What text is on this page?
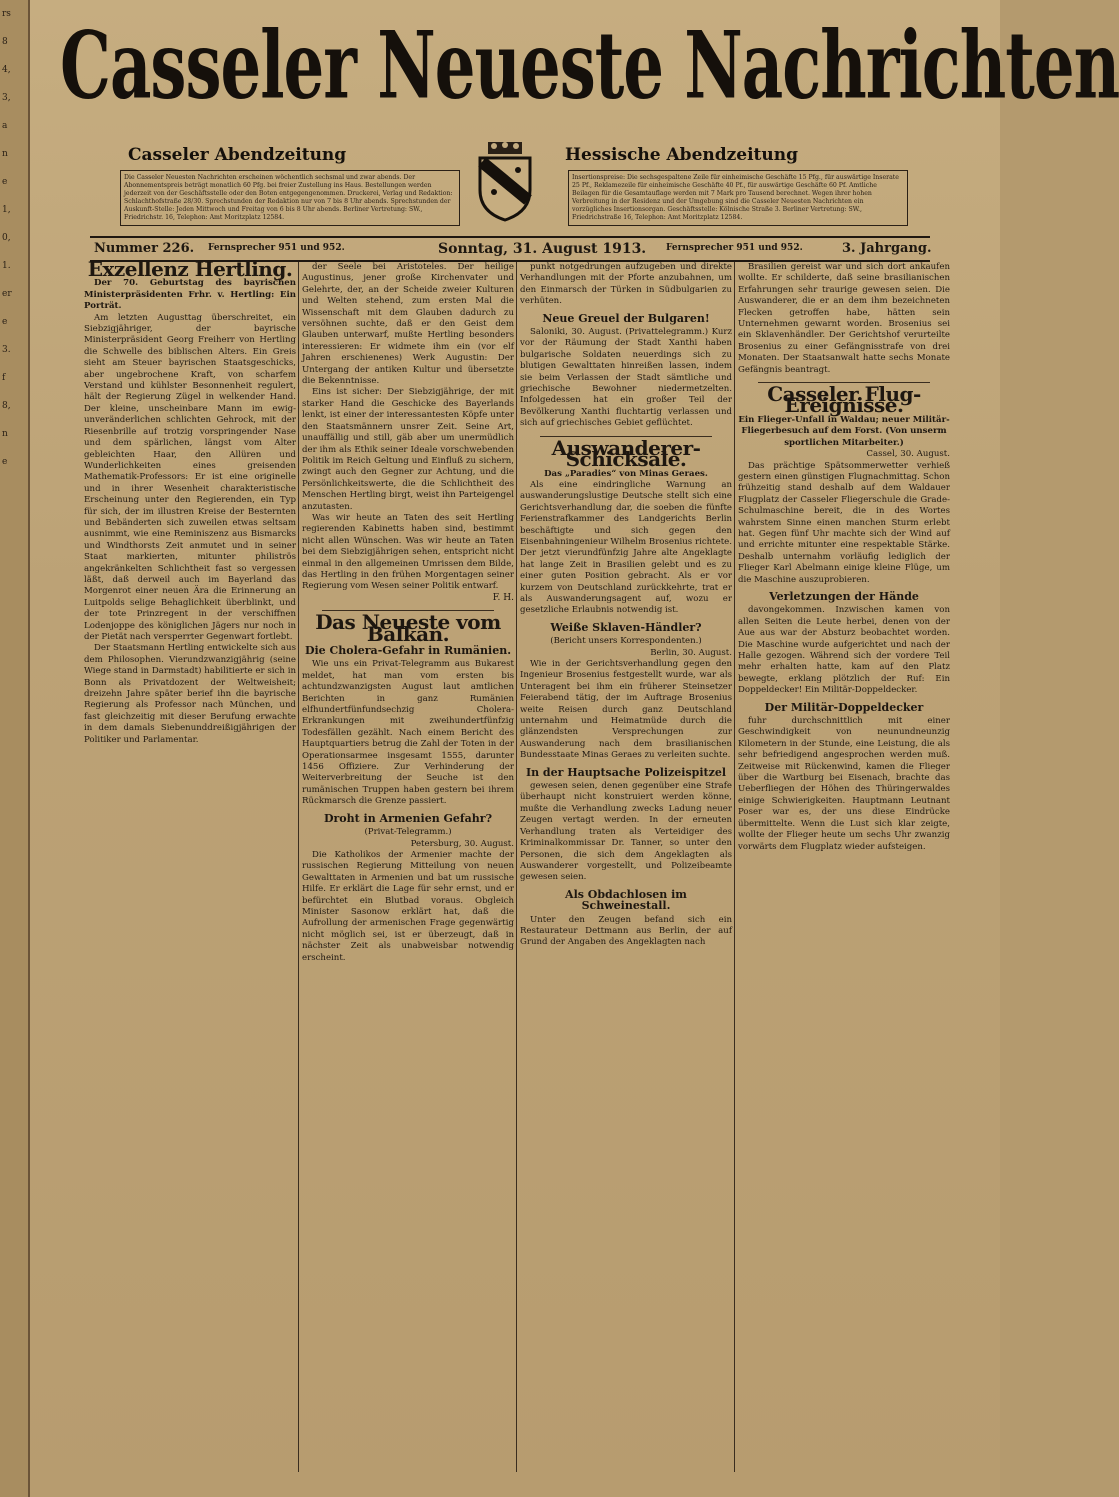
rs
8
4,
3,
a
n
e
1,
0,
1.
er
e
3.
f
8,
n
e
Casseler Neueste Nachrichten
Casseler Abendzeitung	Hessische Abendzeitung
Die Casseler Neuesten Nachrichten erscheinen wöchentlich sechsmal und zwar abends. Der Abonnementspreis beträgt monatlich 60 Pfg. bei freier Zustellung ins Haus. Bestellungen werden jederzeit von der Geschäftsstelle oder den Boten entgegengenommen. Druckerei, Verlag und Redaktion: Schlachthofstraße 28/30. Sprechstunden der Redaktion nur von 7 bis 8 Uhr abends. Sprechstunden der Auskunft-Stelle: Jeden Mittwoch und Freitag von 6 bis 8 Uhr abends. Berliner Vertretung: SW., Friedrichstr. 16, Telephon: Amt Moritzplatz 12584.
Insertionspreise: Die sechsgespaltene Zeile für einheimische Geschäfte 15 Pfg., für auswärtige Inserate 25 Pf., Reklamezeile für einheimische Geschäfte 40 Pf., für auswärtige Geschäfte 60 Pf. Amtliche Beilagen für die Gesamtauflage werden mit 7 Mark pro Tausend berechnet. Wegen ihrer hohen Verbreitung in der Residenz und der Umgebung sind die Casseler Neuesten Nachrichten ein vorzügliches Insertionsorgan. Geschäftsstelle: Kölnische Straße 3. Berliner Vertretung: SW., Friedrichstraße 16, Telephon: Amt Moritzplatz 12584.
Nummer 226. Fernsprecher 951 und 952.	Sonntag, 31. August 1913. Fernsprecher 951 und 952.	3. Jahrgang.
Exzellenz Hertling.

Der 70. Geburtstag des bayrischen Ministerpräsidenten Frhr. v. Hertling: Ein Porträt.

Am letzten Augusttag überschreitet, ein Siebzigjähriger, der bayrische Ministerpräsident Georg Freiherr von Hertling die Schwelle des biblischen Alters. Ein Greis sieht am Steuer bayrischen Staatsgeschicks, aber ungebrochene Kraft, von scharfem Verstand und kühlster Besonnenheit regulert, hält der Regierung Zügel in welkender Hand. Der kleine, unscheinbare Mann im ewig-unveränderlichen schlichten Gehrock, mit der Riesenbrille auf trotzig vorspringender Nase und dem spärlichen, längst vom Alter gebleichten Haar, den Allüren und Wunderlichkeiten eines greisenden Mathematik-Professors: Er ist eine originelle und in ihrer Wesenheit charakteristische Erscheinung unter den Regierenden, ein Typ für sich, der im illustren Kreise der Besternten und Bebänderten sich zuweilen etwas seltsam ausnimmt, wie eine Reminiszenz aus Bismarcks und Windthorsts Zeit anmutet und in seiner Staat markierten, mitunter philiströs angekränkelten Schlichtheit fast so vergessen läßt, daß derweil auch im Bayerland das Morgenrot einer neuen Ära die Erinnerung an Luitpolds selige Behaglichkeit überblinkt, und der tote Prinzregent in der verschiffnen Lodenjoppe des königlichen Jägers nur noch in der Pietät nach versperrter Gegenwart fortlebt.

Der Staatsmann Hertling entwickelte sich aus dem Philosophen. Vierundzwanzigjährig (seine Wiege stand in Darmstadt) habilitierte er sich in Bonn als Privatdozent der Weltweisheit; dreizehn Jahre später berief ihn die bayrische Regierung als Professor nach München, und fast gleichzeitig mit dieser Berufung erwachte in dem damals Siebenunddreißigjährigen der Politiker und Parlamentar.

der Seele bei Aristoteles. Der heilige Augustinus, jener große Kirchenvater und Gelehrte, der, an der Scheide zweier Kulturen und Welten stehend, zum ersten Mal die Wissenschaft mit dem Glauben dadurch zu versöhnen suchte, daß er den Geist dem Glauben unterwarf, mußte Hertling besonders interessieren: Er widmete ihm ein (vor elf Jahren erschienenes) Werk Augustin: Der Untergang der antiken Kultur und übersetzte die Bekenntnisse.

Eins ist sicher: Der Siebzigjährige, der mit starker Hand die Geschicke des Bayerlands lenkt, ist einer der interessantesten Köpfe unter den Staatsmännern unsrer Zeit. Seine Art, unauffällig und still, gäb aber um unermüdlich der ihm als Ethik seiner Ideale vorschwebenden Politik im Reich Geltung und Einfluß zu sichern, zwingt auch den Gegner zur Achtung, und die Persönlichkeitswerte, die die Schlichtheit des Menschen Hertling birgt, weist ihn Parteigengel anzutasten.

Was wir heute an Taten des seit Hertling regierenden Kabinetts haben sind, bestimmt nicht allen Wünschen. Was wir heute an Taten bei dem Siebzigjährigen sehen, entspricht nicht einmal in den allgemeinen Umrissen dem Bilde, das Hertling in den frühen Morgentagen seiner Regierung vom Wesen seiner Politik entwarf.

F. H.
Das Neueste vom Balkan.
Die Cholera-Gefahr in Rumänien.

Wie uns ein Privat-Telegramm aus Bukarest meldet, hat man vom ersten bis achtundzwanzigsten August laut amtlichen Berichten in ganz Rumänien elfhundertfünfundsechzig Cholera-Erkrankungen mit zweihundertfünfzig Todesfällen gezählt. Nach einem Bericht des Hauptquartiers betrug die Zahl der Toten in der Operationsarmee insgesamt 1555, darunter 1456 Offiziere. Zur Verhinderung der Weiterverbreitung der Seuche ist den rumänischen Truppen haben gestern bei ihrem Rückmarsch die Grenze passiert.

Droht in Armenien Gefahr?
(Privat-Telegramm.)
Petersburg, 30. August.

Die Katholikos der Armenier machte der russischen Regierung Mitteilung von neuen Gewalttaten in Armenien und bat um russische Hilfe. Er erklärt die Lage für sehr ernst, und er befürchtet ein Blutbad voraus. Obgleich Minister Sasonow erklärt hat, daß die Aufrollung der armenischen Frage gegenwärtig nicht möglich sei, ist er überzeugt, daß in nächster Zeit als unabweisbar notwendig erscheint.

punkt notgedrungen aufzugeben und direkte Verhandlungen mit der Pforte anzubahnen, um den Einmarsch der Türken in Südbulgarien zu verhüten.

Neue Greuel der Bulgaren!

Saloniki, 30. August. (Privattelegramm.) Kurz vor der Räumung der Stadt Xanthi haben bulgarische Soldaten neuerdings sich zu blutigen Gewalttaten hinreißen lassen, indem sie beim Verlassen der Stadt sämtliche und griechische Bewohner niedermetzelten. Infolgedessen hat ein großer Teil der Bevölkerung Xanthi fluchtartig verlassen und sich auf griechisches Gebiet geflüchtet.

Auswanderer-Schicksale.
Das „Paradies“ von Minas Geraes.

Als eine eindringliche Warnung an auswanderungslustige Deutsche stellt sich eine Gerichtsverhandlung dar, die soeben die fünfte Ferienstrafkammer des Landgerichts Berlin beschäftigte und sich gegen den Eisenbahningenieur Wilhelm Brosenius richtete. Der jetzt vierundfünfzig Jahre alte Angeklagte hat lange Zeit in Brasilien gelebt und es zu einer guten Position gebracht. Als er vor kurzem von Deutschland zurückkehrte, trat er als Auswanderungsagent auf, wozu er gesetzliche Erlaubnis notwendig ist.

Weiße Sklaven-Händler?
(Bericht unsers Korrespondenten.)
Berlin, 30. August.

Wie in der Gerichtsverhandlung gegen den Ingenieur Brosenius festgestellt wurde, war als Unteragent bei ihm ein früherer Steinsetzer Feierabend tätig, der im Auftrage Brosenius weite Reisen durch ganz Deutschland unternahm und Heimatmüde durch die glänzendsten Versprechungen zur Auswanderung nach dem brasilianischen Bundesstaate Minas Geraes zu verleiten suchte.

In der Hauptsache Polizeispitzel

gewesen seien, denen gegenüber eine Strafe überhaupt nicht konstruiert werden könne, mußte die Verhandlung zwecks Ladung neuer Zeugen vertagt werden. In der erneuten Verhandlung traten als Verteidiger des Kriminalkommissar Dr. Tanner, so unter den Personen, die sich dem Angeklagten als Auswanderer vorgestellt, und Polizeibeamte gewesen seien.

Als Obdachlosen im Schweinestall.

Unter den Zeugen befand sich ein Restaurateur Dettmann aus Berlin, der auf Grund der Angaben des Angeklagten nach

Brasilien gereist war und sich dort ankaufen wollte. Er schilderte, daß seine brasilianischen Erfahrungen sehr traurige gewesen seien. Die Auswanderer, die er an dem ihm bezeichneten Flecken getroffen habe, hätten sein Unternehmen gewarnt worden. Brosenius sei ein Sklavenhändler. Der Gerichtshof verurteilte Brosenius zu einer Gefängnisstrafe von drei Monaten. Der Staatsanwalt hatte sechs Monate Gefängnis beantragt.

Casseler Flug-Ereignisse.
Ein Flieger-Unfall in Waldau; neuer Militär-Fliegerbesuch auf dem Forst. (Von unserm sportlichen Mitarbeiter.)
Cassel, 30. August.

Das prächtige Spätsommerwetter verhieß gestern einen günstigen Flugnachmittag. Schon frühzeitig stand deshalb auf dem Waldauer Flugplatz der Casseler Fliegerschule die Grade-Schulmaschine bereit, die in des Wortes wahrstem Sinne einen manchen Sturm erlebt hat. Gegen fünf Uhr machte sich der Wind auf und errichte mitunter eine respektable Stärke. Deshalb unternahm vorläufig lediglich der Flieger Karl Abelmann einige kleine Flüge, um die Maschine auszuprobieren.

Verletzungen der Hände

davongekommen. Inzwischen kamen von allen Seiten die Leute herbei, denen von der Aue aus war der Absturz beobachtet worden. Die Maschine wurde aufgerichtet und nach der Halle gezogen. Während sich der vordere Teil mehr erhalten hatte, kam auf den Platz bewegte, erklang plötzlich der Ruf: Ein Doppeldecker! Ein Militär-Doppeldecker.

Der Militär-Doppeldecker

fuhr durchschnittlich mit einer Geschwindigkeit von neunundneunzig Kilometern in der Stunde, eine Leistung, die als sehr befriedigend angesprochen werden muß. Zeitweise mit Rückenwind, kamen die Flieger über die Wartburg bei Eisenach, brachte das Ueberfliegen der Höhen des Thüringerwaldes einige Schwierigkeiten. Hauptmann Leutnant Poser war es, der uns diese Eindrücke übermittelte. Wenn die Lust sich klar zeigte, wollte der Flieger heute um sechs Uhr zwanzig vorwärts dem Flugplatz wieder aufsteigen.
